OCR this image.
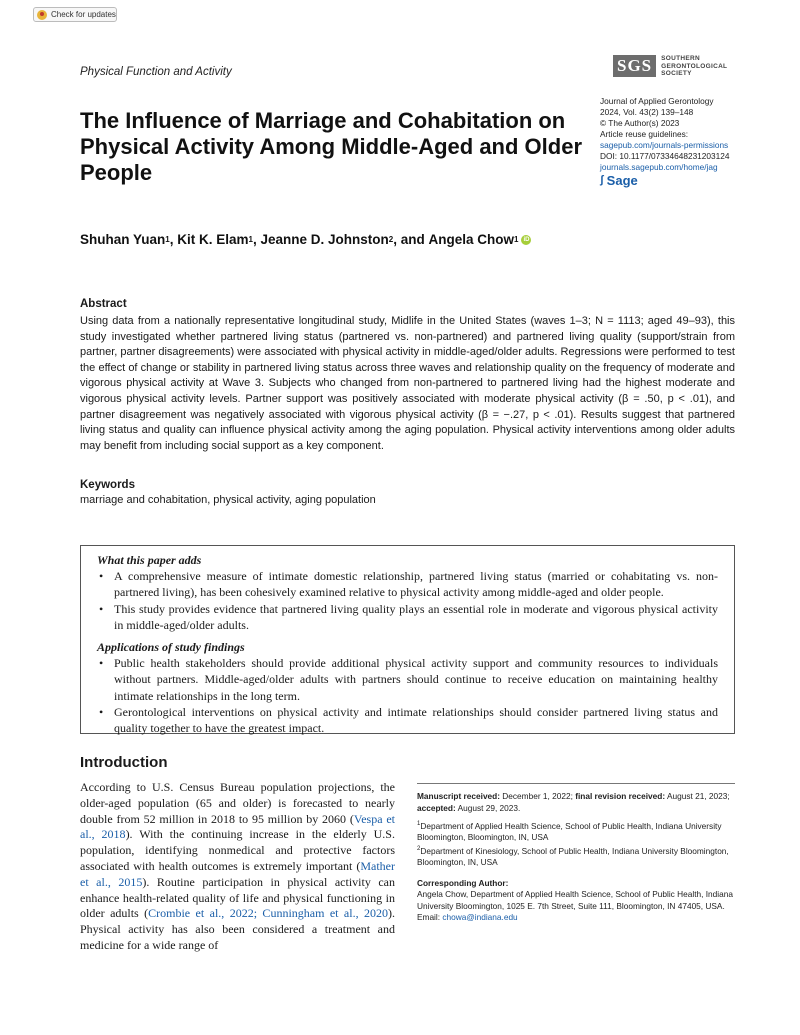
Check for updates
Physical Function and Activity	SGS	SOUTHERN
GERONTOLOGICAL
SOCIETY
Journal of Applied Gerontology
2024, Vol. 43(2) 139–148
© The Author(s) 2023
Article reuse guidelines:
sagepub.com/journals-permissions
DOI: 10.1177/07334648231203124
journals.sagepub.com/home/jag
ʃ Sage
The Influence of Marriage and Cohabitation on Physical Activity Among Middle-Aged and Older People
Shuhan Yuan 1 , Kit K. Elam 1 , Jeanne D. Johnston 2 , and Angela Chow 1 iD
Abstract
Using data from a nationally representative longitudinal study, Midlife in the United States (waves 1–3; N = 1113; aged 49–93), this study investigated whether partnered living status (partnered vs. non-partnered) and partnered living quality (support/strain from partner, partner disagreements) were associated with physical activity in middle-aged/older adults. Regressions were performed to test the effect of change or stability in partnered living status across three waves and relationship quality on the frequency of moderate and vigorous physical activity at Wave 3. Subjects who changed from non-partnered to partnered living had the highest moderate and vigorous physical activity levels. Partner support was positively associated with moderate physical activity (β = .50, p < .01), and partner disagreement was negatively associated with vigorous physical activity (β = −.27, p < .01). Results suggest that partnered living status and quality can influence physical activity among the aging population. Physical activity interventions among older adults may benefit from including social support as a key component.
Keywords
marriage and cohabitation, physical activity, aging population
What this paper adds
• A comprehensive measure of intimate domestic relationship, partnered living status (married or cohabitating vs. non-partnered living), has been cohesively examined relative to physical activity among middle-aged and older people.
• This study provides evidence that partnered living quality plays an essential role in moderate and vigorous physical activity in middle-aged/older adults.
Applications of study findings
• Public health stakeholders should provide additional physical activity support and community resources to individuals without partners. Middle-aged/older adults with partners should continue to receive education on maintaining healthy intimate relationships in the long term.
• Gerontological interventions on physical activity and intimate relationships should consider partnered living status and quality together to have the greatest impact.
Introduction
According to U.S. Census Bureau population projections, the older-aged population (65 and older) is forecasted to nearly double from 52 million in 2018 to 95 million by 2060 (Vespa et al., 2018). With the continuing increase in the elderly U.S. population, identifying nonmedical and protective factors associated with health outcomes is extremely important (Mather et al., 2015). Routine participation in physical activity can enhance health-related quality of life and physical functioning in older adults (Crombie et al., 2022; Cunningham et al., 2020). Physical activity has also been considered a treatment and medicine for a wide range of

Manuscript received: December 1, 2022; final revision received: August 21, 2023; accepted: August 29, 2023.

$^1$Department of Applied Health Science, School of Public Health, Indiana University Bloomington, Bloomington, IN, USA
$^2$Department of Kinesiology, School of Public Health, Indiana University Bloomington, Bloomington, IN, USA

Corresponding Author:
Angela Chow, Department of Applied Health Science, School of Public Health, Indiana University Bloomington, 1025 E. 7th Street, Suite 111, Bloomington, IN 47405, USA.
Email: chowa@indiana.edu
